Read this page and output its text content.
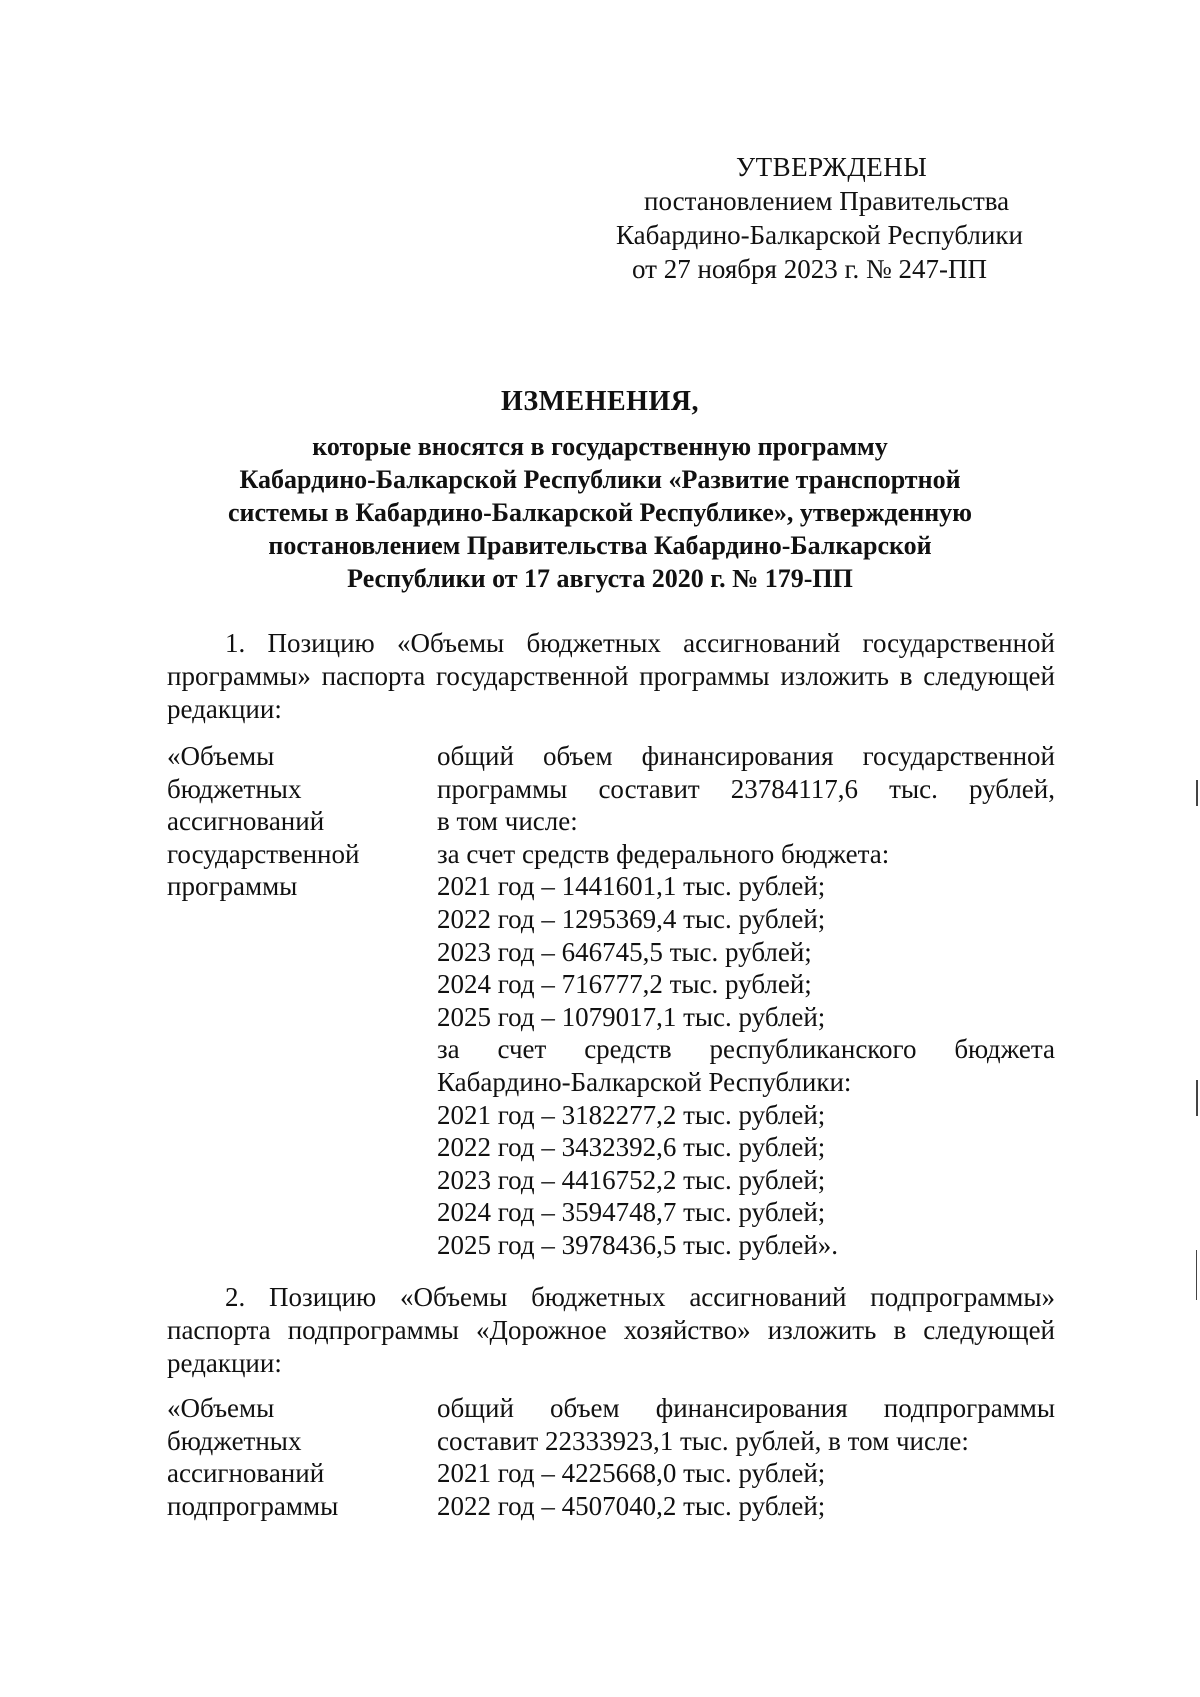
УТВЕРЖДЕНЫ
постановлением Правительства
Кабардино-Балкарской Республики
от 27 ноября 2023 г. № 247-ПП
ИЗМЕНЕНИЯ,
которые вносятся в государственную программу
Кабардино-Балкарской Республики «Развитие транспортной
системы в Кабардино-Балкарской Республике», утвержденную
постановлением Правительства Кабардино-Балкарской
Республики от 17 августа 2020 г. № 179-ПП
1. Позицию «Объемы бюджетных ассигнований государственной программы» паспорта государственной программы изложить в следующей редакции:
«Объемы
бюджетных
ассигнований
государственной
программы
общий объем финансирования государственной
программы составит 23784117,6 тыс. рублей,
в том числе:
за счет средств федерального бюджета:
2021 год – 1441601,1 тыс. рублей;
2022 год – 1295369,4 тыс. рублей;
2023 год – 646745,5 тыс. рублей;
2024 год – 716777,2 тыс. рублей;
2025 год – 1079017,1 тыс. рублей;
за счет средств республиканского бюджета
Кабардино-Балкарской Республики:
2021 год – 3182277,2 тыс. рублей;
2022 год – 3432392,6 тыс. рублей;
2023 год – 4416752,2 тыс. рублей;
2024 год – 3594748,7 тыс. рублей;
2025 год – 3978436,5 тыс. рублей».
2. Позицию «Объемы бюджетных ассигнований подпрограммы» паспорта подпрограммы «Дорожное хозяйство» изложить в следующей редакции:
«Объемы
бюджетных
ассигнований
подпрограммы
общий объем финансирования подпрограммы
составит 22333923,1 тыс. рублей, в том числе:
2021 год – 4225668,0 тыс. рублей;
2022 год – 4507040,2 тыс. рублей;
